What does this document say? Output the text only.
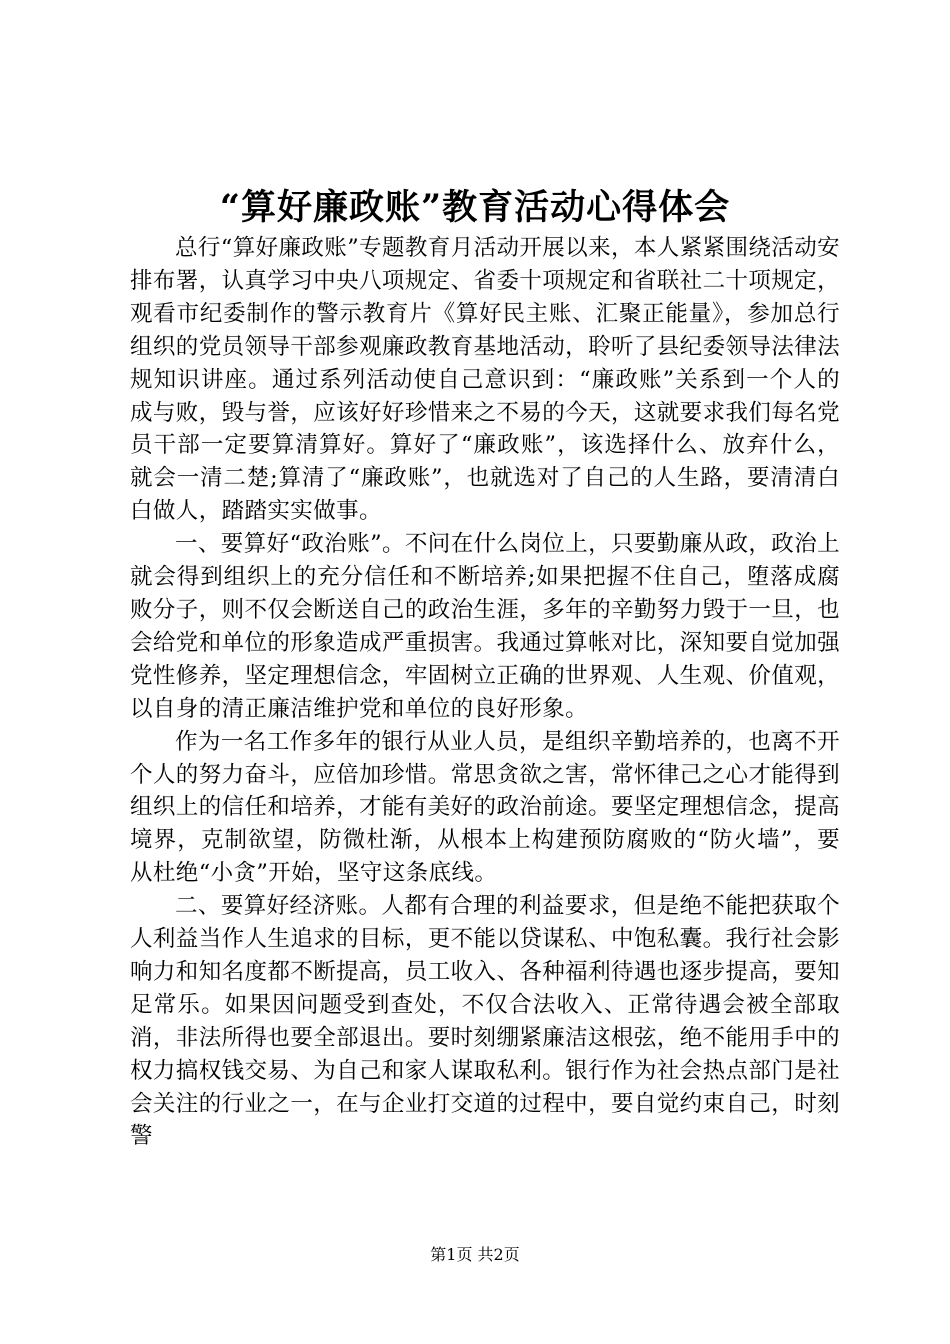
“算好廉政账”教育活动心得体会

总行“算好廉政账”专题教育月活动开展以来，本人紧紧围绕活动安排布署，认真学习中央八项规定、省委十项规定和省联社二十项规定，观看市纪委制作的警示教育片《算好民主账、汇聚正能量》，参加总行组织的党员领导干部参观廉政教育基地活动，聆听了县纪委领导法律法规知识讲座。通过系列活动使自己意识到：“廉政账”关系到一个人的成与败，毁与誉，应该好好珍惜来之不易的今天，这就要求我们每名党员干部一定要算清算好。算好了“廉政账”，该选择什么、放弃什么，就会一清二楚;算清了“廉政账”，也就选对了自己的人生路，要清清白白做人，踏踏实实做事。

一、要算好“政治账”。不问在什么岗位上，只要勤廉从政，政治上就会得到组织上的充分信任和不断培养;如果把握不住自己，堕落成腐败分子，则不仅会断送自己的政治生涯，多年的辛勤努力毁于一旦，也会给党和单位的形象造成严重损害。我通过算帐对比，深知要自觉加强党性修养，坚定理想信念，牢固树立正确的世界观、人生观、价值观，以自身的清正廉洁维护党和单位的良好形象。

作为一名工作多年的银行从业人员，是组织辛勤培养的，也离不开个人的努力奋斗，应倍加珍惜。常思贪欲之害，常怀律己之心才能得到组织上的信任和培养，才能有美好的政治前途。要坚定理想信念，提高境界，克制欲望，防微杜渐，从根本上构建预防腐败的“防火墙”，要从杜绝“小贪”开始，坚守这条底线。

二、要算好经济账。人都有合理的利益要求，但是绝不能把获取个人利益当作人生追求的目标，更不能以贷谋私、中饱私囊。我行社会影响力和知名度都不断提高，员工收入、各种福利待遇也逐步提高，要知足常乐。如果因问题受到查处，不仅合法收入、正常待遇会被全部取消，非法所得也要全部退出。要时刻绷紧廉洁这根弦，绝不能用手中的权力搞权钱交易、为自己和家人谋取私利。银行作为社会热点部门是社会关注的行业之一，在与企业打交道的过程中，要自觉约束自己，时刻警

第1页 共2页
